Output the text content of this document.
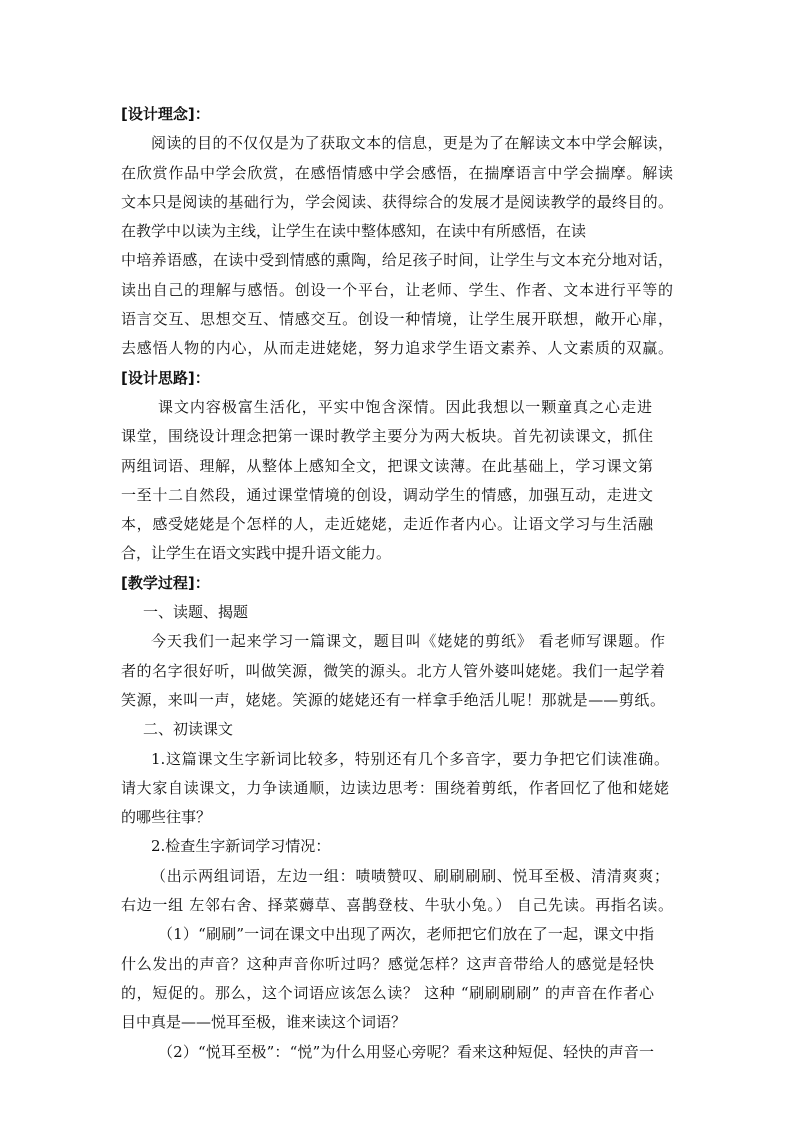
[设计理念]：
阅读的目的不仅仅是为了获取文本的信息，更是为了在解读文本中学会解读，
在欣赏作品中学会欣赏，在感悟情感中学会感悟，在揣摩语言中学会揣摩。解读
文本只是阅读的基础行为，学会阅读、获得综合的发展才是阅读教学的最终目的。
在教学中以读为主线，让学生在读中整体感知，在读中有所感悟，在读
中培养语感，在读中受到情感的熏陶，给足孩子时间，让学生与文本充分地对话，
读出自己的理解与感悟。创设一个平台，让老师、学生、作者、文本进行平等的
语言交互、思想交互、情感交互。创设一种情境，让学生展开联想，敞开心扉，
去感悟人物的内心，从而走进姥姥，努力追求学生语文素养、人文素质的双赢。
[设计思路]：
课文内容极富生活化，平实中饱含深情。因此我想以一颗童真之心走进
课堂，围绕设计理念把第一课时教学主要分为两大板块。首先初读课文，抓住
两组词语、理解，从整体上感知全文，把课文读薄。在此基础上，学习课文第
一至十二自然段，通过课堂情境的创设，调动学生的情感，加强互动，走进文
本，感受姥姥是个怎样的人，走近姥姥，走近作者内心。让语文学习与生活融
合，让学生在语文实践中提升语文能力。
[教学过程]：
一、读题、揭题
今天我们一起来学习一篇课文，题目叫《姥姥的剪纸》 看老师写课题。作
者的名字很好听，叫做笑源，微笑的源头。北方人管外婆叫姥姥。我们一起学着
笑源，来叫一声，姥姥。笑源的姥姥还有一样拿手绝活儿呢！那就是——剪纸。
二、初读课文
1.这篇课文生字新词比较多，特别还有几个多音字，要力争把它们读准确。
请大家自读课文，力争读通顺，边读边思考：围绕着剪纸，作者回忆了他和姥姥
的哪些往事？
2.检查生字新词学习情况：
（出示两组词语，左边一组：啧啧赞叹、刷刷刷刷、悦耳至极、清清爽爽；
右边一组 左邻右舍、择菜薅草、喜鹊登枝、牛驮小兔。） 自己先读。再指名读。
（1）“刷刷”一词在课文中出现了两次，老师把它们放在了一起，课文中指
什么发出的声音？这种声音你听过吗？感觉怎样？这声音带给人的感觉是轻快
的，短促的。那么，这个词语应该怎么读？ 这种 “刷刷刷刷” 的声音在作者心
目中真是——悦耳至极，谁来读这个词语？
（2）“悦耳至极”：“悦”为什么用竖心旁呢？看来这种短促、轻快的声音一
